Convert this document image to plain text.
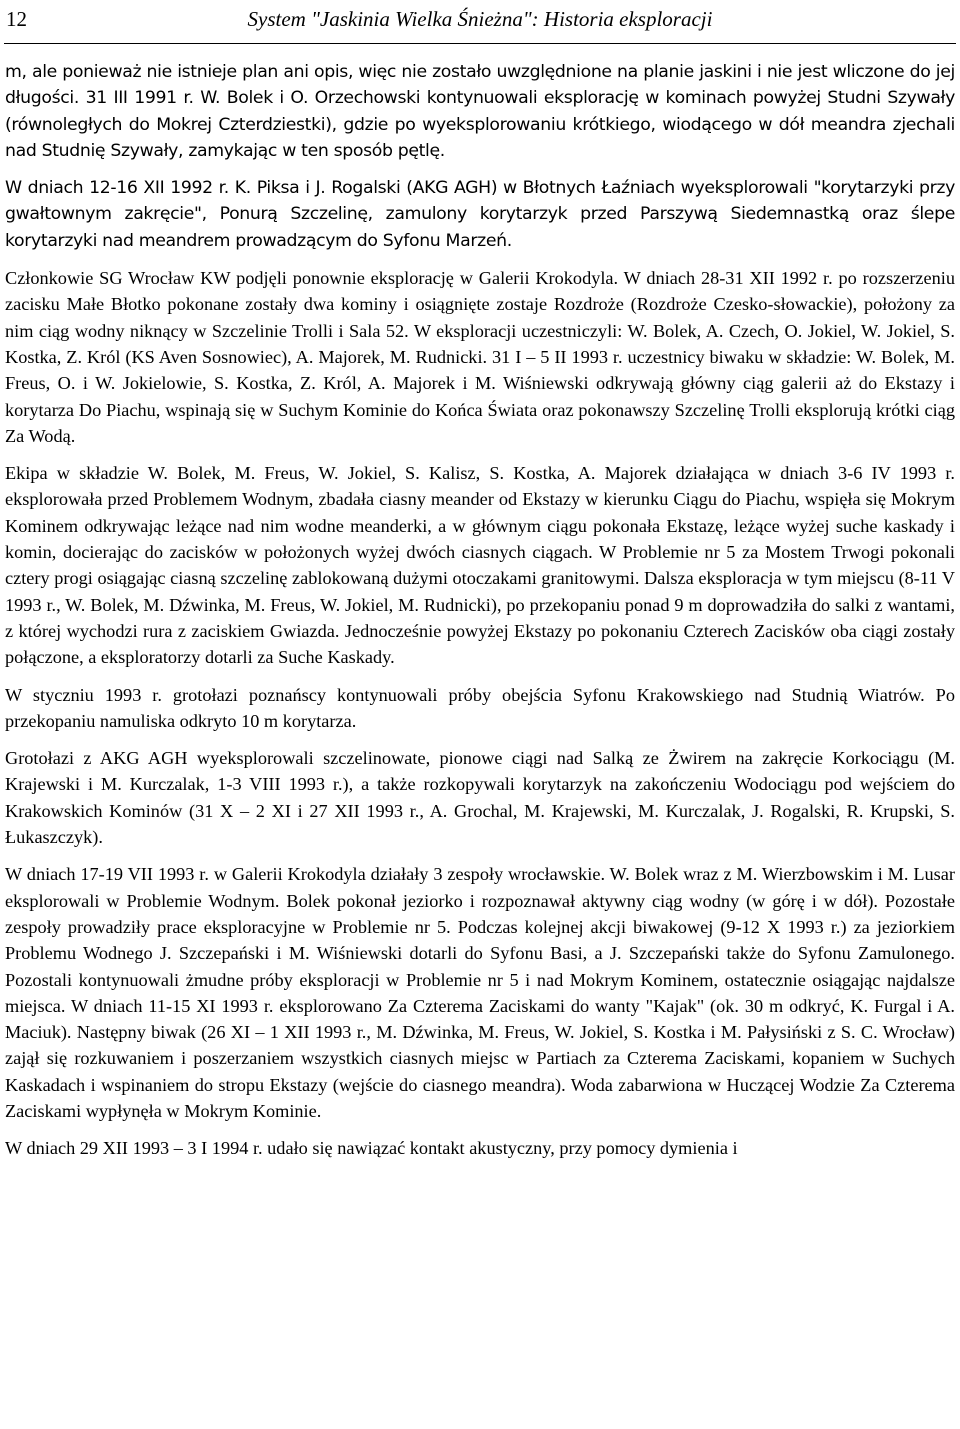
12	System "Jaskinia Wielka Śnieżna": Historia eksploracji

m, ale ponieważ nie istnieje plan ani opis, więc nie zostało uwzględnione na planie jaskini i nie jest wliczone do jej długości. 31 III 1991 r. W. Bolek i O. Orzechowski kontynuowali eksplorację w kominach powyżej Studni Szywały (równoległych do Mokrej Czterdziestki), gdzie po wyeksplorowaniu krótkiego, wiodącego w dół meandra zjechali nad Studnię Szywały, zamykając w ten sposób pętlę.

W dniach 12-16 XII 1992 r. K. Piksa i J. Rogalski (AKG AGH) w Błotnych Łaźniach wyeksplorowali "korytarzyki przy gwałtownym zakręcie", Ponurą Szczelinę, zamulony korytarzyk przed Parszywą Siedemnastką oraz ślepe korytarzyki nad meandrem prowadzącym do Syfonu Marzeń.

Członkowie SG Wrocław KW podjęli ponownie eksplorację w Galerii Krokodyla. W dniach 28-31 XII 1992 r. po rozszerzeniu zacisku Małe Błotko pokonane zostały dwa kominy i osiągnięte zostaje Rozdroże (Rozdroże Czesko-słowackie), położony za nim ciąg wodny niknący w Szczelinie Trolli i Sala 52. W eksploracji uczestniczyli: W. Bolek, A. Czech, O. Jokiel, W. Jokiel, S. Kostka, Z. Król (KS Aven Sosnowiec), A. Majorek, M. Rudnicki. 31 I – 5 II 1993 r. uczestnicy biwaku w składzie: W. Bolek, M. Freus, O. i W. Jokielowie, S. Kostka, Z. Król, A. Majorek i M. Wiśniewski odkrywają główny ciąg galerii aż do Ekstazy i korytarza Do Piachu, wspinają się w Suchym Kominie do Końca Świata oraz pokonawszy Szczelinę Trolli eksplorują krótki ciąg Za Wodą.

Ekipa w składzie W. Bolek, M. Freus, W. Jokiel, S. Kalisz, S. Kostka, A. Majorek działająca w dniach 3-6 IV 1993 r. eksplorowała przed Problemem Wodnym, zbadała ciasny meander od Ekstazy w kierunku Ciągu do Piachu, wspięła się Mokrym Kominem odkrywając leżące nad nim wodne meanderki, a w głównym ciągu pokonała Ekstazę, leżące wyżej suche kaskady i komin, docierając do zacisków w położonych wyżej dwóch ciasnych ciągach. W Problemie nr 5 za Mostem Trwogi pokonali cztery progi osiągając ciasną szczelinę zablokowaną dużymi otoczakami granitowymi. Dalsza eksploracja w tym miejscu (8-11 V 1993 r., W. Bolek, M. Dźwinka, M. Freus, W. Jokiel, M. Rudnicki), po przekopaniu ponad 9 m doprowadziła do salki z wantami, z której wychodzi rura z zaciskiem Gwiazda. Jednocześnie powyżej Ekstazy po pokonaniu Czterech Zacisków oba ciągi zostały połączone, a eksploratorzy dotarli za Suche Kaskady.

W styczniu 1993 r. grotołazi poznańscy kontynuowali próby obejścia Syfonu Krakowskiego nad Studnią Wiatrów. Po przekopaniu namuliska odkryto 10 m korytarza.

Grotołazi z AKG AGH wyeksplorowali szczelinowate, pionowe ciągi nad Salką ze Żwirem na zakręcie Korkociągu (M. Krajewski i M. Kurczalak, 1-3 VIII 1993 r.), a także rozkopywali korytarzyk na zakończeniu Wodociągu pod wejściem do Krakowskich Kominów (31 X – 2 XI i 27 XII 1993 r., A. Grochal, M. Krajewski, M. Kurczalak, J. Rogalski, R. Krupski, S. Łukaszczyk).

W dniach 17-19 VII 1993 r. w Galerii Krokodyla działały 3 zespoły wrocławskie. W. Bolek wraz z M. Wierzbowskim i M. Lusar eksplorowali w Problemie Wodnym. Bolek pokonał jeziorko i rozpoznawał aktywny ciąg wodny (w górę i w dół). Pozostałe zespoły prowadziły prace eksploracyjne w Problemie nr 5. Podczas kolejnej akcji biwakowej (9-12 X 1993 r.) za jeziorkiem Problemu Wodnego J. Szczepański i M. Wiśniewski dotarli do Syfonu Basi, a J. Szczepański także do Syfonu Zamulonego. Pozostali kontynuowali żmudne próby eksploracji w Problemie nr 5 i nad Mokrym Kominem, ostatecznie osiągając najdalsze miejsca. W dniach 11-15 XI 1993 r. eksplorowano Za Czterema Zaciskami do wanty "Kajak" (ok. 30 m odkryć, K. Furgal i A. Maciuk). Następny biwak (26 XI – 1 XII 1993 r., M. Dźwinka, M. Freus, W. Jokiel, S. Kostka i M. Pałysiński z S. C. Wrocław) zajął się rozkuwaniem i poszerzaniem wszystkich ciasnych miejsc w Partiach za Czterema Zaciskami, kopaniem w Suchych Kaskadach i wspinaniem do stropu Ekstazy (wejście do ciasnego meandra). Woda zabarwiona w Huczącej Wodzie Za Czterema Zaciskami wypłynęła w Mokrym Kominie.

W dniach 29 XII 1993 – 3 I 1994 r. udało się nawiązać kontakt akustyczny, przy pomocy dymienia i
